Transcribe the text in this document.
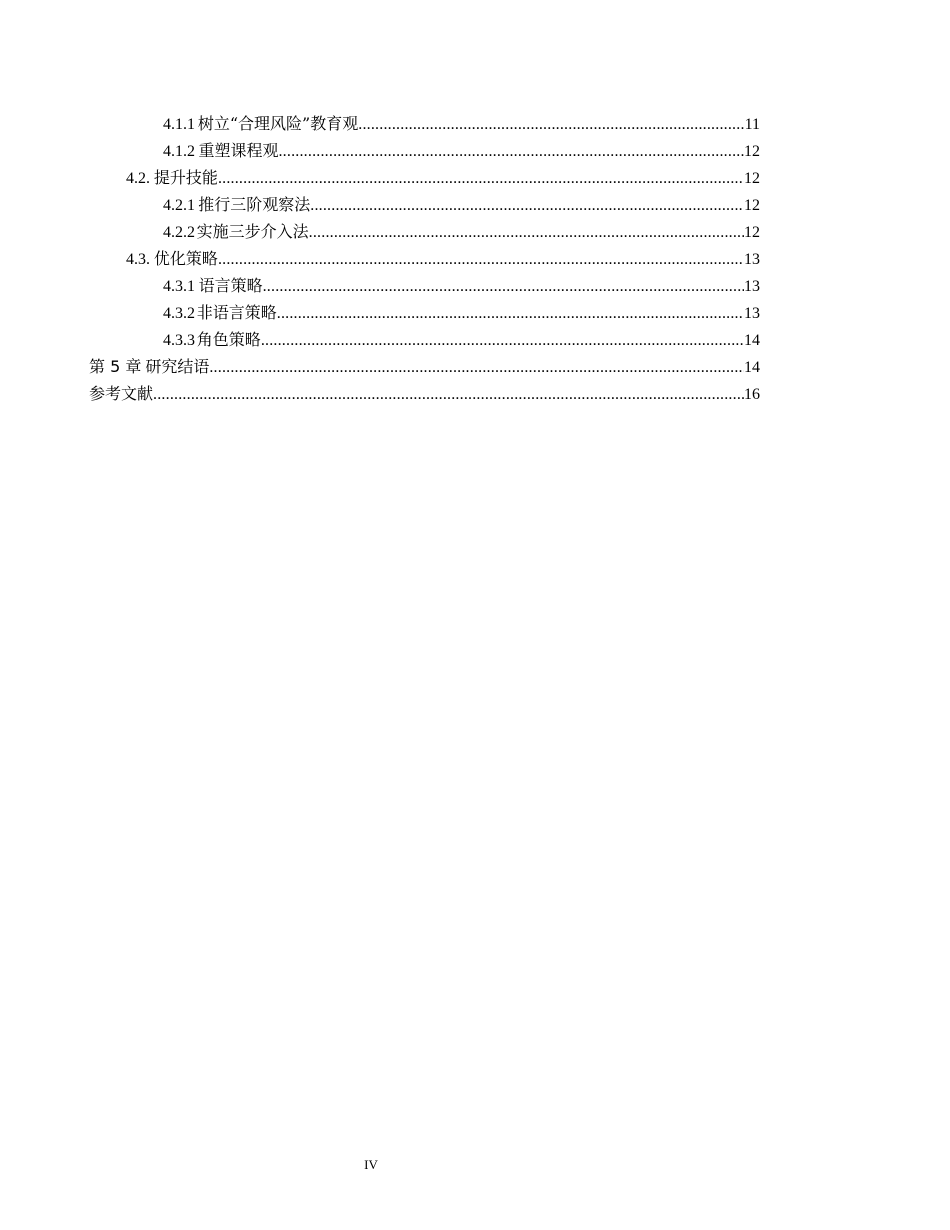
4.1.1 树立“合理风险”教育观 .....	11
4.1.2 重塑课程观 .....	12
4.2. 提升技能 .....	12
4.2.1 推行三阶观察法 .....	12
4.2.2 实施三步介入法 .....	12
4.3. 优化策略 .....	13
4.3.1 语言策略 .....	13
4.3.2 非语言策略 .....	13
4.3.3 角色策略 .....	14
第 5 章 研究结语 .....	14
参考文献 .....	16
IV
